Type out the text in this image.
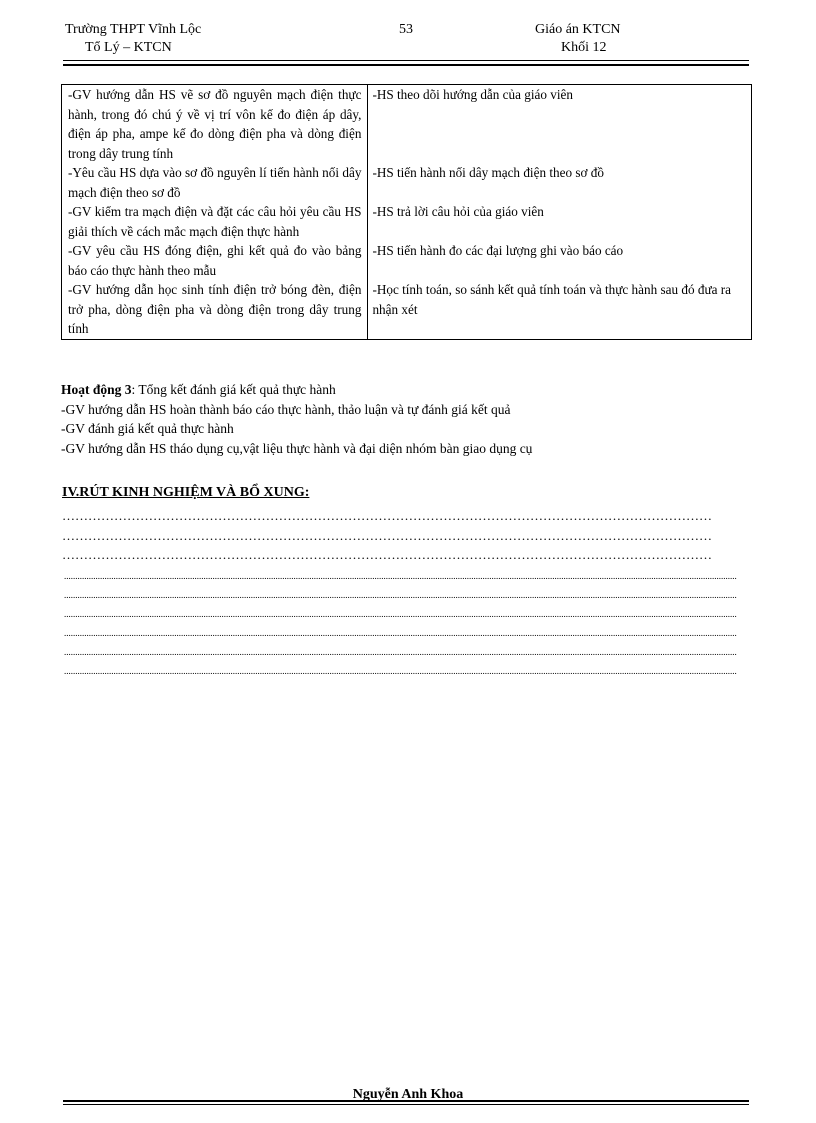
Trường THPT Vĩnh Lộc
Tổ Lý – KTCN
53	Giáo án KTCN
Khối 12
-GV hướng dẫn HS vẽ sơ đồ nguyên mạch điện thực hành, trong đó chú ý về vị trí vôn kế đo điện áp dây, điện áp pha, ampe kế đo dòng điện pha và dòng điện trong dây trung tính	-HS theo dõi hướng dẫn của giáo viên
-Yêu cầu HS dựa vào sơ đồ nguyên lí tiến hành nối dây mạch điện theo sơ đồ	-HS tiến hành nối dây mạch điện theo sơ đồ
-GV kiểm tra mạch điện và đặt các câu hỏi yêu cầu HS giải thích về cách mắc mạch điện thực hành	-HS trả lời câu hỏi của giáo viên
-GV yêu cầu HS đóng điện, ghi kết quả đo vào bảng báo cáo thực hành theo mẫu	-HS tiến hành đo các đại lượng ghi vào báo cáo
-GV hướng dẫn học sinh tính điện trở bóng đèn, điện trở pha, dòng điện pha và dòng điện trong dây trung tính	-Học tính toán, so sánh kết quả tính toán và thực hành sau đó đưa ra nhận xét
Hoạt động 3: Tổng kết đánh giá kết quả thực hành
-GV hướng dẫn HS hoàn thành báo cáo thực hành, thảo luận và tự đánh giá kết quả
-GV đánh giá kết quả thực hành
-GV hướng dẫn HS tháo dụng cụ,vật liệu thực hành và đại diện nhóm bàn giao dụng cụ
IV.RÚT KINH NGHIỆM VÀ BỔ XUNG:
……………………………………………………………………………………………………………………………………
……………………………………………………………………………………………………………………………………
……………………………………………………………………………………………………………………………………
...........................................................................................................................................................................................................................................................................................................
...........................................................................................................................................................................................................................................................................................................
...........................................................................................................................................................................................................................................................................................................
...........................................................................................................................................................................................................................................................................................................
...........................................................................................................................................................................................................................................................................................................
...........................................................................................................................................................................................................................................................................................................
Nguyễn Anh Khoa
